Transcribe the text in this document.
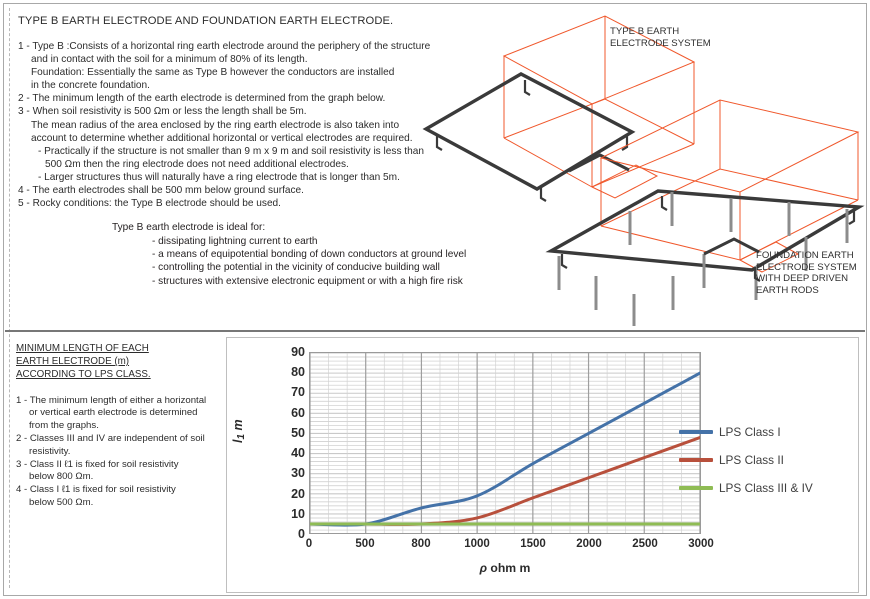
TYPE B EARTH ELECTRODE AND FOUNDATION EARTH ELECTRODE.
1 - Type B :Consists of a horizontal ring earth electrode around the periphery of the structure
and in contact with the soil for a minimum of 80% of its length.
Foundation: Essentially the same as Type B however the conductors are installed
in the concrete foundation.
2 - The minimum length of the earth electrode is determined from the graph below.
3 - When soil resistivity is 500 Ωm or less the length shall be 5m.
The mean radius of the area enclosed by the ring earth electrode is also taken into
account to determine whether additional horizontal or vertical electrodes are required.
- Practically if the structure is not smaller than 9 m x 9 m and soil resistivity is less than
500 Ωm then the ring electrode does not need additional electrodes.
- Larger structures thus will naturally have a ring electrode that is longer than 5m.
4 - The earth electrodes shall be 500 mm below ground surface.
5 - Rocky conditions: the Type B electrode should be used.
Type B earth electrode is ideal for:
- dissipating lightning current to earth
- a means of equipotential bonding of down conductors at ground level
- controlling the potential in the vicinity of conducive building wall
- structures with extensive electronic equipment or with a high fire risk
TYPE B EARTH
ELECTRODE SYSTEM
FOUNDATION EARTH
ELECTRODE SYSTEM
WITH DEEP DRIVEN
EARTH RODS
MINIMUM LENGTH OF EACH
EARTH ELECTRODE (m)
ACCORDING TO LPS CLASS.
1 - The minimum length of either a horizontal
or vertical earth electrode is determined
from the graphs.
2 - Classes III and IV are independent of soil
resistivity.
3 - Class II ℓ1 is fixed for soil resistivity
below 800 Ωm.
4 - Class I ℓ1 is fixed for soil resistivity
below 500 Ωm.
l1 m
0
10
20
30
40
50
60
70
80
90
0	500	800	1000	1500	2000	2500	3000
ρ ohm m
LPS Class I
LPS Class II
LPS Class III & IV
